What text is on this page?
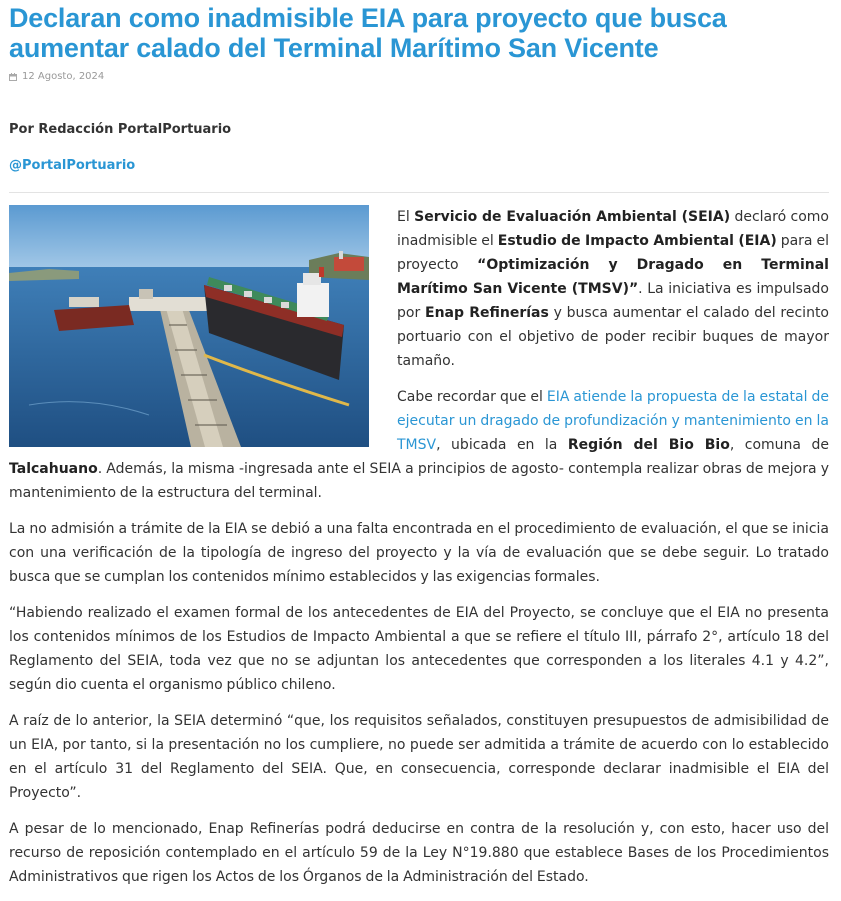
Declaran como inadmisible EIA para proyecto que busca aumentar calado del Terminal Marítimo San Vicente
12 Agosto, 2024
Por Redacción PortalPortuario
@PortalPortuario

El Servicio de Evaluación Ambiental (SEIA) declaró como inadmisible el Estudio de Impacto Ambiental (EIA) para el proyecto “Optimización y Dragado en Terminal Marítimo San Vicente (TMSV)”. La iniciativa es impulsado por Enap Refinerías y busca aumentar el calado del recinto portuario con el objetivo de poder recibir buques de mayor tamaño.

Cabe recordar que el EIA atiende la propuesta de la estatal de ejecutar un dragado de profundización y mantenimiento en la TMSV, ubicada en la Región del Bio Bio, comuna de Talcahuano. Además, la misma -ingresada ante el SEIA a principios de agosto- contempla realizar obras de mejora y mantenimiento de la estructura del terminal.

La no admisión a trámite de la EIA se debió a una falta encontrada en el procedimiento de evaluación, el que se inicia con una verificación de la tipología de ingreso del proyecto y la vía de evaluación que se debe seguir. Lo tratado busca que se cumplan los contenidos mínimo establecidos y las exigencias formales.

“Habiendo realizado el examen formal de los antecedentes de EIA del Proyecto, se concluye que el EIA no presenta los contenidos mínimos de los Estudios de Impacto Ambiental a que se refiere el título III, párrafo 2°, artículo 18 del Reglamento del SEIA, toda vez que no se adjuntan los antecedentes que corresponden a los literales 4.1 y 4.2”, según dio cuenta el organismo público chileno.

A raíz de lo anterior, la SEIA determinó “que, los requisitos señalados, constituyen presupuestos de admisibilidad de un EIA, por tanto, si la presentación no los cumpliere, no puede ser admitida a trámite de acuerdo con lo establecido en el artículo 31 del Reglamento del SEIA. Que, en consecuencia, corresponde declarar inadmisible el EIA del Proyecto”.

A pesar de lo mencionado, Enap Refinerías podrá deducirse en contra de la resolución y, con esto, hacer uso del recurso de reposición contemplado en el artículo 59 de la Ley N°19.880 que establece Bases de los Procedimientos Administrativos que rigen los Actos de los Órganos de la Administración del Estado.
